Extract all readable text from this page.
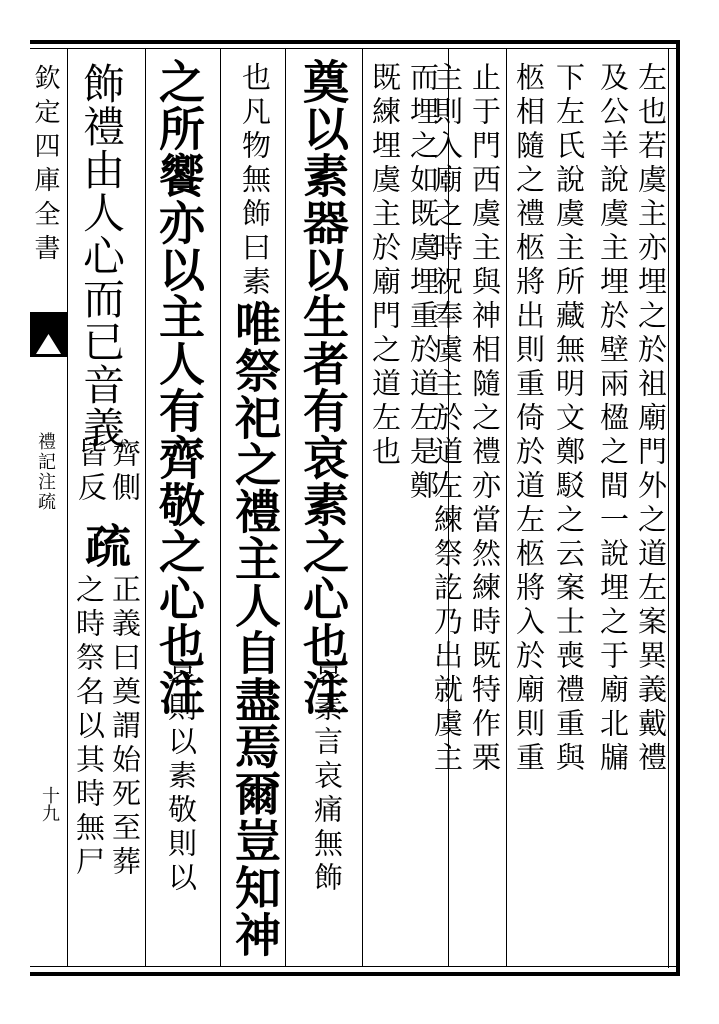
欽定四庫全書
禮記注疏
十九
左也若虞主亦埋之於祖廟門外之道左案異義戴禮
及公羊說虞主埋於壁兩楹之間一說埋之于廟北牖
下左氏說虞主所藏無明文鄭駁之云案士喪禮重與
柩相隨之禮柩將出則重倚於道左柩將入於廟則重
止于門西虞主與神相隨之禮亦當然練時既特作栗
主則入廟之時祝奉虞主於道左練祭訖乃出就虞主
而埋之如既虞埋重於道左是鄭
既練埋虞主於廟門之道左也
奠以素器以生者有哀素之心也注
哀素言哀痛無飾
也凡物無飾曰素
唯祭祀之禮主人自盡焉爾豈知神
之所饗亦以主人有齊敬之心也注
哀則以素敬則以
飾禮由人心而已音義
齊側
皆反
疏
正義曰奠謂始死至葬
之時祭名以其時無尸
